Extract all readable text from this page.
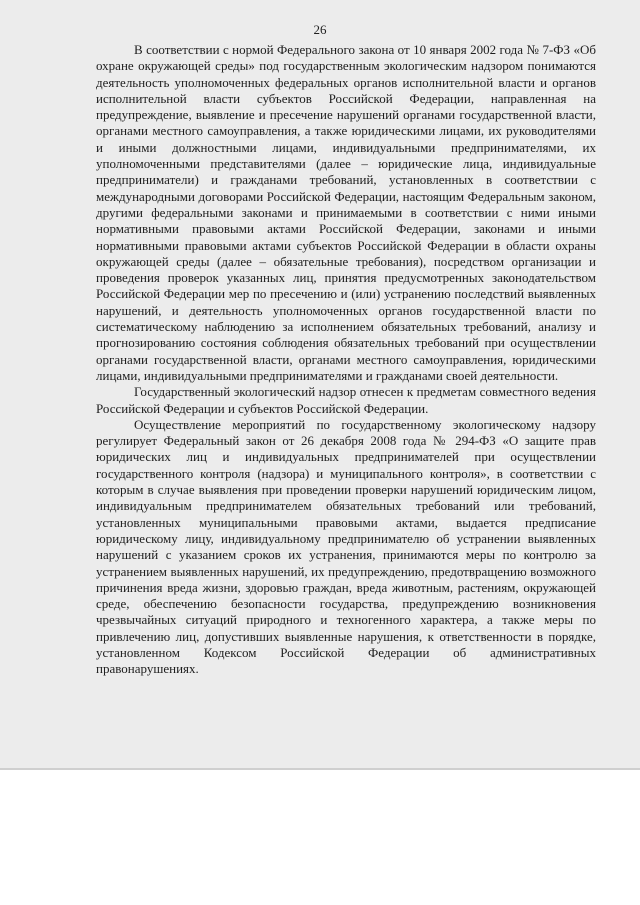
26

В соответствии с нормой Федерального закона от 10 января 2002 года № 7-ФЗ «Об охране окружающей среды» под государственным экологическим надзором понимаются деятельность уполномоченных федеральных органов исполнительной власти и органов исполнительной власти субъектов Российской Федерации, направленная на предупреждение, выявление и пресечение нарушений органами государственной власти, органами местного самоуправления, а также юридическими лицами, их руководителями и иными должностными лицами, индивидуальными предпринимателями, их уполномоченными представителями (далее – юридические лица, индивидуальные предприниматели) и гражданами требований, установленных в соответствии с международными договорами Российской Федерации, настоящим Федеральным законом, другими федеральными законами и принимаемыми в соответствии с ними иными нормативными правовыми актами Российской Федерации, законами и иными нормативными правовыми актами субъектов Российской Федерации в области охраны окружающей среды (далее – обязательные требования), посредством организации и проведения проверок указанных лиц, принятия предусмотренных законодательством Российской Федерации мер по пресечению и (или) устранению последствий выявленных нарушений, и деятельность уполномоченных органов государственной власти по систематическому наблюдению за исполнением обязательных требований, анализу и прогнозированию состояния соблюдения обязательных требований при осуществлении органами государственной власти, органами местного самоуправления, юридическими лицами, индивидуальными предпринимателями и гражданами своей деятельности.

Государственный экологический надзор отнесен к предметам совместного ведения Российской Федерации и субъектов Российской Федерации.

Осуществление мероприятий по государственному экологическому надзору регулирует Федеральный закон от 26 декабря 2008 года № 294-ФЗ «О защите прав юридических лиц и индивидуальных предпринимателей при осуществлении государственного контроля (надзора) и муниципального контроля», в соответствии с которым в случае выявления при проведении проверки нарушений юридическим лицом, индивидуальным предпринимателем обязательных требований или требований, установленных муниципальными правовыми актами, выдается предписание юридическому лицу, индивидуальному предпринимателю об устранении выявленных нарушений с указанием сроков их устранения, принимаются меры по контролю за устранением выявленных нарушений, их предупреждению, предотвращению возможного причинения вреда жизни, здоровью граждан, вреда животным, растениям, окружающей среде, обеспечению безопасности государства, предупреждению возникновения чрезвычайных ситуаций природного и техногенного характера, а также меры по привлечению лиц, допустивших выявленные нарушения, к ответственности в порядке, установленном Кодексом Российской Федерации об административных правонарушениях.
